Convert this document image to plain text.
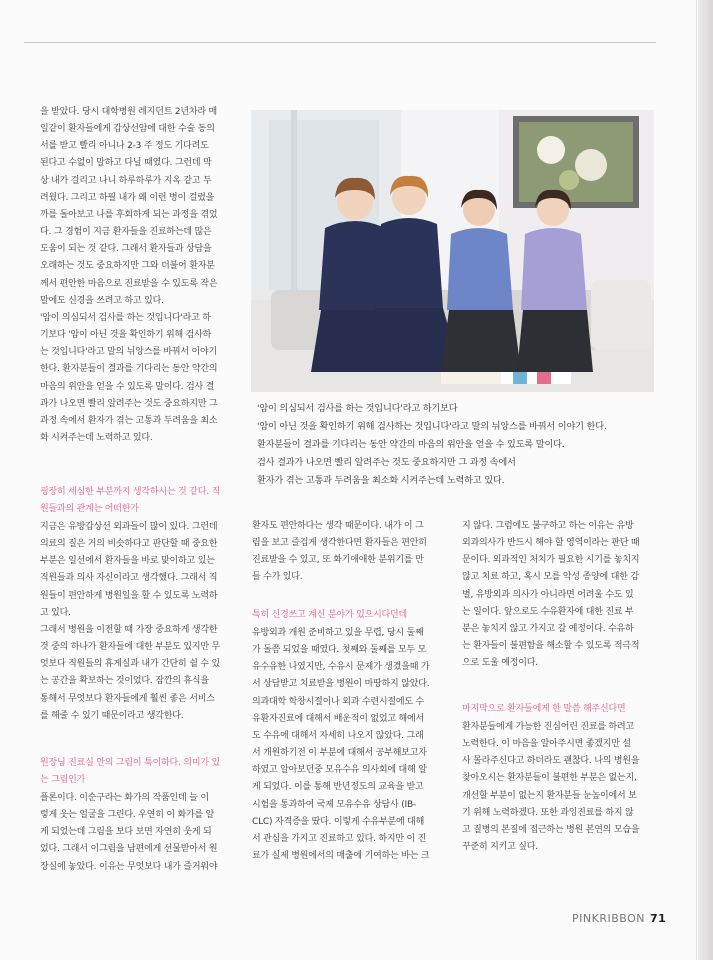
을 받았다. 당시 대학병원 레지던트 2년차라 매

일같이 환자들에게 갑상선암에 대한 수술 동의

서를 받고 빨리 아니나 2-3 주 정도 기다려도

된다고 수없이 말하고 다닐 때였다. 그런데 막

상 내가 걸리고 나니 하루하루가 지옥 같고 두

려웠다. 그리고 하필 내가 왜 이런 병이 걸렸을

까를 돌아보고 나를 후회하게 되는 과정을 겪었

다. 그 경험이 지금 환자들을 진료하는데 많은

도움이 되는 것 같다. 그래서 환자들과 상담을

오래하는 것도 중요하지만 그와 더불어 환자분

께서 편안한 마음으로 진료받을 수 있도록 작은

말에도 신경을 쓰려고 하고 있다.

'암이 의심되서 검사를 하는 것입니다'라고 하

기보다 '암이 아닌 것을 확인하기 위해 검사하

는 것입니다'라고 말의 뉘앙스를 바꿔서 이야기

한다. 환자분들이 결과를 기다리는 동안 약간의

마음의 위안을 얻을 수 있도록 말이다. 검사 결

과가 나오면 빨리 알려주는 것도 중요하지만 그

과정 속에서 환자가 겪는 고통과 두려움을 최소

화 시켜주는데 노력하고 있다.

굉장히 세심한 부분까지 생각하시는 것 같다. 직

원들과의 관계는 어떠한가

지금은 유방갑상선 외과들이 많이 있다. 그런데

의료의 질은 거의 비슷하다고 판단할 때 중요한

부분은 일선에서 환자들을 바로 맞이하고 있는

직원들과 의사 자신이라고 생각했다. 그래서 직

원들이 편안하게 병원일을 할 수 있도록 노력하

고 있다.

그래서 병원을 이전할 때 가장 중요하게 생각한

것 중의 하나가 환자들에 대한 부분도 있지만 무

엇보다 직원들의 휴게실과 내가 간단히 쉴 수 있

는 공간을 확보하는 것이었다. 잠깐의 휴식을

통해서 무엇보다 환자들에게 훨씬 좋은 서비스

를 해줄 수 있기 때문이라고 생각한다.

원장님 진료실 안의 그림이 특이하다. 의미가 있

는 그림인가

플론이다. 이순구라는 화가의 작품인데 늘 이

렇게 웃는 얼굴을 그린다. 우연히 이 화가를 알

게 되었는데 그림을 보다 보면 자연히 웃게 되

었다. 그래서 이그림을 남편에게 선물받아서 원

장실에 놓았다. 이유는 무엇보다 내가 즐거워야

환자도 편안하다는 생각 때문이다. 내가 이 그

림을 보고 즐겁게 생각한다면 환자들은 편안히

진료받을 수 있고, 또 화기애애한 분위기를 만

들 수가 있다.

특히 신경쓰고 계신 분야가 있으시다던데

유방외과 개원 준비하고 있을 무렵, 당시 둘째

가 돌쯤 되었을 때였다. 첫째와 둘째를 모두 모

유수유한 나였지만, 수유시 문제가 생겼을때 가

서 상담받고 치료받을 병원이 마땅하지 않았다.

의과대학 학창시절이나 외과 수련시절에도 수

유환자진료에 대해서 배운적이 없었고 해에서

도 수유에 대해서 자세히 나오지 않았다. 그래

서 개원하기전 이 부분에 대해서 공부해보고자

하였고 알아보던중 모유수유 의사회에 대해 알

게 되었다. 이를 통해 반년정도의 교육을 받고

시험을 통과하여 국제 모유수유 상담사 (IB-

CLC) 자격증을 땄다. 이렇게 수유부분에 대해

서 관심을 가지고 진료하고 있다. 하지만 이 진

료가 실제 병원에서의 매출에 기여하는 바는 크

지 않다. 그럼에도 불구하고 하는 이유는 유방

외과의사가 반드시 해야 할 영역이라는 판단 때

문이다. 외과적인 처치가 필요한 시기를 놓치지

않고 치료 하고, 혹시 모를 악성 종양에 대한 감

별, 유방외과 의사가 아니라면 어려울 수도 있

는 일이다. 앞으로도 수유환자에 대한 진료 부

분은 놓치지 않고 가지고 갈 예정이다. 수유하

는 환자들이 불편함을 해소할 수 있도록 적극적

으로 도울 예정이다.

마지막으로 환자들에게 한 말씀 해주신다면

환자분들에게 가능한 진심어린 진료를 하려고

노력한다. 이 마음을 알아주시면 좋겠지만 설

사 몰라주신다고 하더라도 괜찮다. 나의 병원을

찾아오시는 환자분들이 불편한 부분은 없는지,

개선할 부분이 없는지 환자분들 눈높이에서 보

기 위해 노력하겠다. 또한 과잉진료를 하지 않

고 질병의 본질에 접근하는 병원 본연의 모습을

꾸준히 지키고 싶다.

'암이 의심되서 검사를 하는 것입니다'라고 하기보다

'암이 아닌 것을 확인하기 위해 검사하는 것입니다'라고 말의 뉘앙스를 바꿔서 이야기 한다.

환자분들이 결과를 기다리는 동안 약간의 마음의 위안을 얻을 수 있도록 말이다.

검사 결과가 나오면 빨리 알려주는 것도 중요하지만 그 과정 속에서

환자가 겪는 고통과 두려움을 최소화 시켜주는데 노력하고 있다.

PINKRIBBON 71
